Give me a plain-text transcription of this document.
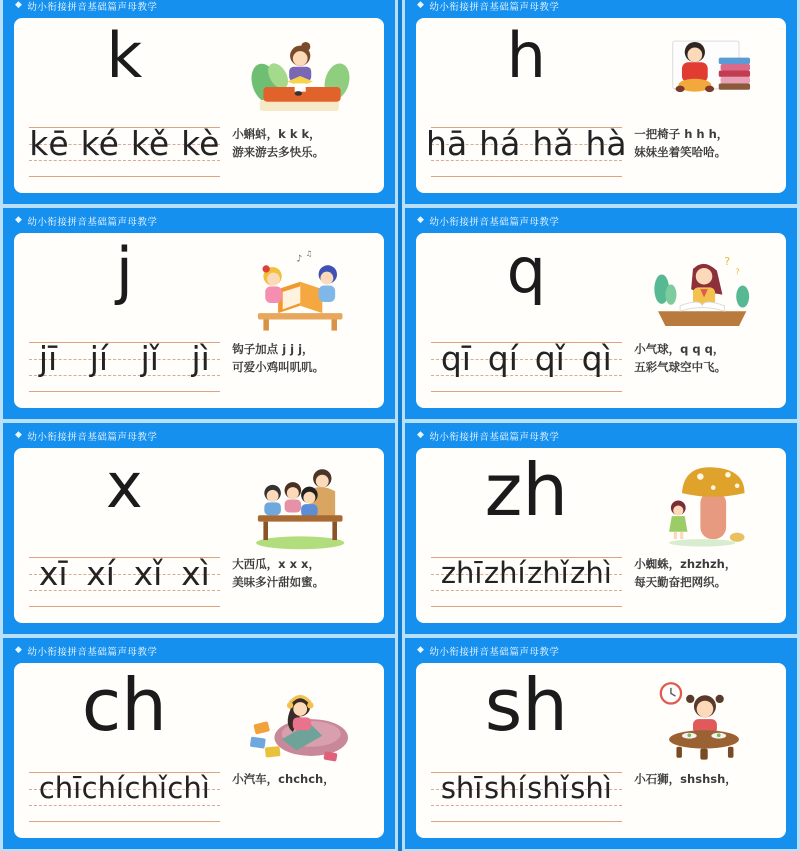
◆ 幼小衔接拼音基础篇声母教学
k
kē ké kě kè 小蝌蚪，k k k，
游来游去多快乐。
◆ 幼小衔接拼音基础篇声母教学
h
hā há hǎ hà 一把椅子 h h h，
妹妹坐着笑哈哈。
◆ 幼小衔接拼音基础篇声母教学
j
jī jí jǐ jì
♪
♫
钩子加点 j j j，
可爱小鸡叫叽叽。
◆ 幼小衔接拼音基础篇声母教学
q
qī qí qǐ qì
?
?
小气球，q q q，
五彩气球空中飞。
◆ 幼小衔接拼音基础篇声母教学
x
xī xí xǐ xì 大西瓜，x x x，
美味多汁甜如蜜。
◆ 幼小衔接拼音基础篇声母教学
zh
zhī zhí zhǐ zhì 小蜘蛛，zhzhzh，
每天勤奋把网织。
◆ 幼小衔接拼音基础篇声母教学
ch
chī chí chǐ chì 小汽车，chchch，
◆ 幼小衔接拼音基础篇声母教学
sh
shī shí shǐ shì 小石狮，shshsh，
